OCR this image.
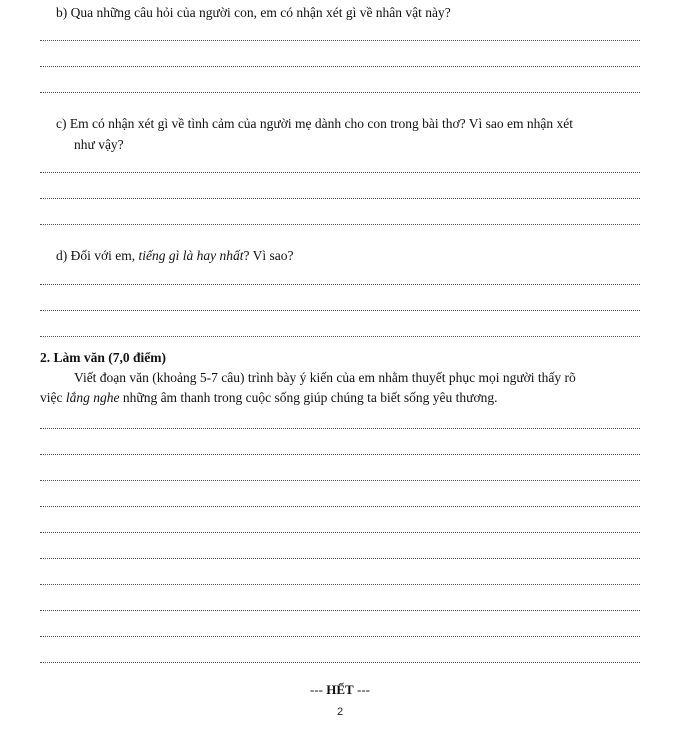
b) Qua những câu hỏi của người con, em có nhận xét gì về nhân vật này?
c) Em có nhận xét gì về tình cảm của người mẹ dành cho con trong bài thơ? Vì sao em nhận xét
như vậy?
d) Đối với em, tiếng gì là hay nhất? Vì sao?
2. Làm văn (7,0 điểm)
Viết đoạn văn (khoảng 5-7 câu) trình bày ý kiến của em nhằm thuyết phục mọi người thấy rõ
việc lắng nghe những âm thanh trong cuộc sống giúp chúng ta biết sống yêu thương.
--- HẾT ---
2
